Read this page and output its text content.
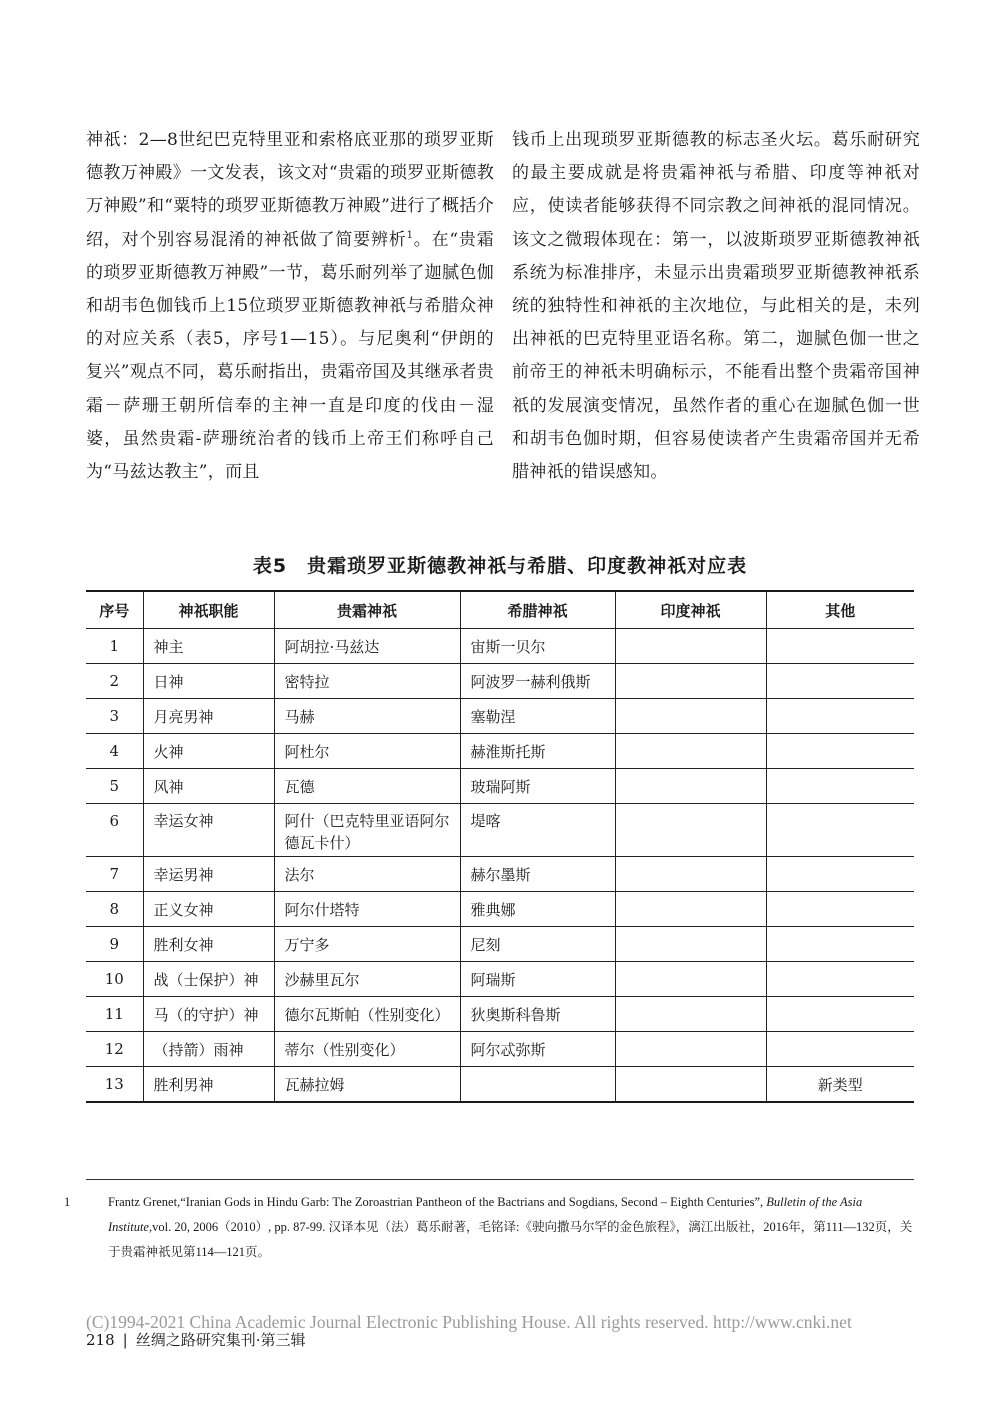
神祇：2—8世纪巴克特里亚和索格底亚那的琐罗亚斯德教万神殿》一文发表，该文对“贵霜的琐罗亚斯德教万神殿”和“粟特的琐罗亚斯德教万神殿”进行了概括介绍，对个别容易混淆的神祇做了简要辨析$^1$。在“贵霜的琐罗亚斯德教万神殿”一节，葛乐耐列举了迦腻色伽和胡韦色伽钱币上15位琐罗亚斯德教神祇与希腊众神的对应关系（表5，序号1—15）。与尼奥利“伊朗的复兴”观点不同，葛乐耐指出，贵霜帝国及其继承者贵霜－萨珊王朝所信奉的主神一直是印度的伐由－湿婆，虽然贵霜-萨珊统治者的钱币上帝王们称呼自己为“马兹达教主”，而且

钱币上出现琐罗亚斯德教的标志圣火坛。葛乐耐研究的最主要成就是将贵霜神祇与希腊、印度等神祇对应，使读者能够获得不同宗教之间神祇的混同情况。该文之微瑕体现在：第一，以波斯琐罗亚斯德教神祇系统为标准排序，未显示出贵霜琐罗亚斯德教神祇系统的独特性和神祇的主次地位，与此相关的是，未列出神祇的巴克特里亚语名称。第二，迦腻色伽一世之前帝王的神祇未明确标示，不能看出整个贵霜帝国神祇的发展演变情况，虽然作者的重心在迦腻色伽一世和胡韦色伽时期，但容易使读者产生贵霜帝国并无希腊神祇的错误感知。

表5　贵霜琐罗亚斯德教神祇与希腊、印度教神祇对应表
序号	神祇职能	贵霜神祇	希腊神祇	印度神祇	其他
1	神主	阿胡拉·马兹达	宙斯一贝尔		
2	日神	密特拉	阿波罗一赫利俄斯		
3	月亮男神	马赫	塞勒涅		
4	火神	阿杜尔	赫淮斯托斯		
5	风神	瓦德	玻瑞阿斯		
6	幸运女神	阿什（巴克特里亚语阿尔德瓦卡什）	堤喀		
7	幸运男神	法尔	赫尔墨斯		
8	正义女神	阿尔什塔特	雅典娜		
9	胜利女神	万宁多	尼刻		
10	战（士保护）神	沙赫里瓦尔	阿瑞斯		
11	马（的守护）神	德尔瓦斯帕（性别变化）	狄奥斯科鲁斯		
12	（持箭）雨神	蒂尔（性别变化）	阿尔忒弥斯		
13	胜利男神	瓦赫拉姆			新类型
1	Frantz Grenet,“Iranian Gods in Hindu Garb: The Zoroastrian Pantheon of the Bactrians and Sogdians, Second – Eighth Centuries”, Bulletin of the Asia Institute,vol. 20, 2006（2010）, pp. 87-99. 汉译本见（法）葛乐耐著，毛铭译:《驶向撒马尔罕的金色旅程》，漓江出版社，2016年，第111—132页，关于贵霜神祇见第114—121页。
(C)1994-2021 China Academic Journal Electronic Publishing House. All rights reserved. http://www.cnki.net
218 | 丝绸之路研究集刊·第三辑
